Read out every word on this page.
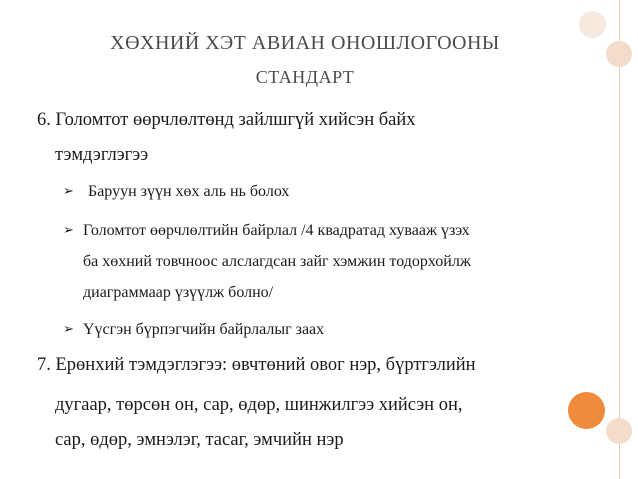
ХӨХНИЙ ХЭТ АВИАН ОНОШЛОГООНЫ
СТАНДАРТ
6. Голомтот өөрчлөлтөнд зайлшгүй хийсэн байх
тэмдэглэгээ
➢ Баруун зүүн хөх аль нь болох
➢ Голомтот өөрчлөлтийн байрлал /4 квадратад хувааж үзэх
ба хөхний товчноос алслагдсан зайг хэмжин тодорхойлж
диаграммаар үзүүлж болно/
➢ Үүсгэн бүрпэгчийн байрлалыг заах
7. Ерөнхий тэмдэглэгээ: өвчтөний овог нэр, бүртгэлийн
дугаар, төрсөн он, сар, өдөр, шинжилгээ хийсэн он,
сар, өдөр, эмнэлэг, тасаг, эмчийн нэр
